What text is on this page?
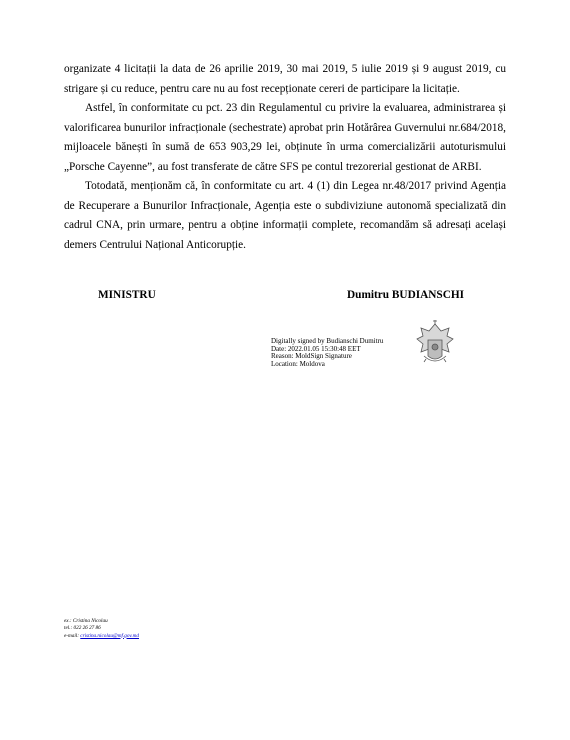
organizate 4 licitații la data de 26 aprilie 2019, 30 mai 2019, 5 iulie 2019 și 9 august 2019, cu strigare și cu reduce, pentru care nu au fost recepționate cereri de participare la licitație.

Astfel, în conformitate cu pct. 23 din Regulamentul cu privire la evaluarea, administrarea și valorificarea bunurilor infracționale (sechestrate) aprobat prin Hotărârea Guvernului nr.684/2018, mijloacele bănești în sumă de 653 903,29 lei, obținute în urma comercializării autoturismului „Porsche Cayenne”, au fost transferate de către SFS pe contul trezorerial gestionat de ARBI.

Totodată, menționăm că, în conformitate cu art. 4 (1) din Legea nr.48/2017 privind Agenția de Recuperare a Bunurilor Infracționale, Agenția este o subdiviziune autonomă specializată din cadrul CNA, prin urmare, pentru a obține informații complete, recomandăm să adresați același demers Centrului Național Anticorupție.

MINISTRU	Dumitru BUDIANSCHI
Digitally signed by Budianschi Dumitru
Date: 2022.01.05 15:30:48 EET
Reason: MoldSign Signature
Location: Moldova
ex.: Cristina Nicolau
tel.: 022 26 27 86
e-mail: cristina.nicolau@mf.gov.md
